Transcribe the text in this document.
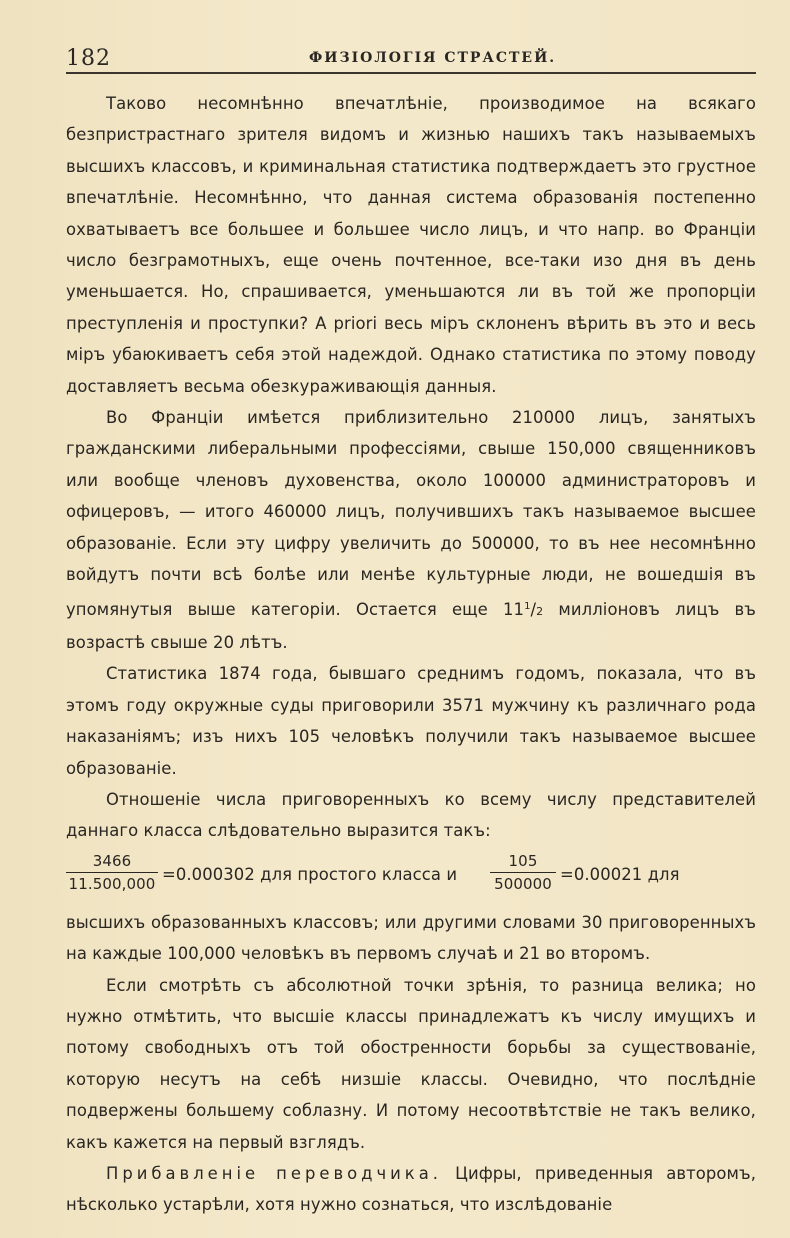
182	ФИЗІОЛОГІЯ СТРАСТЕЙ.

Таково несомнѣнно впечатлѣніе, производимое на всякаго безпристрастнаго зрителя видомъ и жизнью нашихъ такъ называемыхъ высшихъ классовъ, и криминальная статистика подтверждаетъ это грустное впечатлѣніе. Несомнѣнно, что данная система образованія постепенно охватываетъ все большее и большее число лицъ, и что напр. во Франціи число безграмотныхъ, еще очень почтенное, все-таки изо дня въ день уменьшается. Но, спрашивается, уменьшаются ли въ той же пропорціи преступленія и проступки? A priori весь міръ склоненъ вѣрить въ это и весь міръ убаюкиваетъ себя этой надеждой. Однако статистика по этому поводу доставляетъ весьма обезкураживающія данныя.

Во Франціи имѣется приблизительно 210000 лицъ, занятыхъ гражданскими либеральными профессіями, свыше 150,000 священниковъ или вообще членовъ духовенства, около 100000 администраторовъ и офицеровъ, — итого 460000 лицъ, получившихъ такъ называемое высшее образованіе. Если эту цифру увеличить до 500000, то въ нее несомнѣнно войдутъ почти всѣ болѣе или менѣе культурные люди, не вошедшія въ упомянутыя выше категоріи. Остается еще $11^1/2$ милліоновъ лицъ въ возрастѣ свыше 20 лѣтъ.

Статистика 1874 года, бывшаго среднимъ годомъ, показала, что въ этомъ году окружные суды приговорили 3571 мужчину къ различнаго рода наказаніямъ; изъ нихъ 105 человѣкъ получили такъ называемое высшее образованіе.

Отношеніе числа приговоренныхъ ко всему числу представителей даннаго класса слѣдовательно выразится такъ:

$\frac{3466}{11.500,000} =0.000302$ для простого класса и $\frac{105}{500000} =0.00021$ для

высшихъ образованныхъ классовъ; или другими словами 30 приговоренныхъ на каждые 100,000 человѣкъ въ первомъ случаѣ и 21 во второмъ.

Если смотрѣть съ абсолютной точки зрѣнія, то разница велика; но нужно отмѣтить, что высшіе классы принадлежатъ къ числу имущихъ и потому свободныхъ отъ той обостренности борьбы за существованіе, которую несутъ на себѣ низшіе классы. Очевидно, что послѣдніе подвержены большему соблазну. И потому несоотвѣтствіе не такъ велико, какъ кажется на первый взглядъ.

Прибавленіе переводчика. Цифры, приведенныя авторомъ, нѣсколько устарѣли, хотя нужно сознаться, что изслѣдованіе
